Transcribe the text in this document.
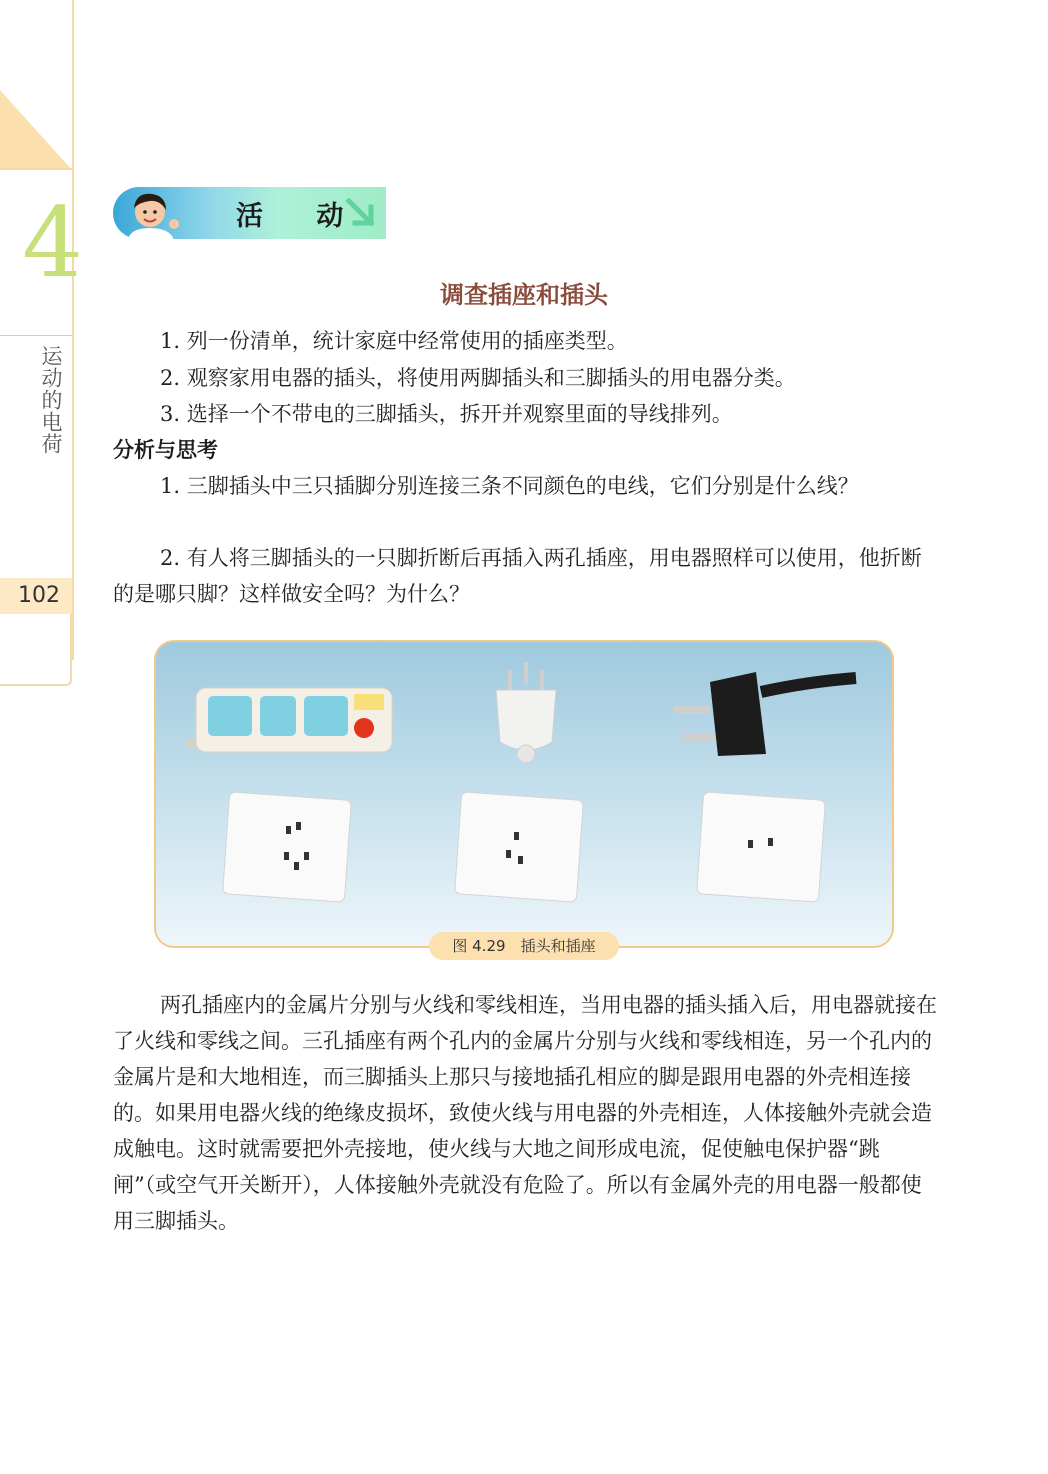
4
运动的电荷
102
活 动
调查插座和插头
1. 列一份清单，统计家庭中经常使用的插座类型。
2. 观察家用电器的插头，将使用两脚插头和三脚插头的用电器分类。
3. 选择一个不带电的三脚插头，拆开并观察里面的导线排列。
分析与思考
1. 三脚插头中三只插脚分别连接三条不同颜色的电线，它们分别是什么线？
2. 有人将三脚插头的一只脚折断后再插入两孔插座，用电器照样可以使用，他折断的是哪只脚？这样做安全吗？为什么？
图 4.29　插头和插座
两孔插座内的金属片分别与火线和零线相连，当用电器的插头插入后，用电器就接在了火线和零线之间。三孔插座有两个孔内的金属片分别与火线和零线相连，另一个孔内的金属片是和大地相连，而三脚插头上那只与接地插孔相应的脚是跟用电器的外壳相连接的。如果用电器火线的绝缘皮损坏，致使火线与用电器的外壳相连，人体接触外壳就会造成触电。这时就需要把外壳接地，使火线与大地之间形成电流，促使触电保护器“跳闸”（或空气开关断开），人体接触外壳就没有危险了。所以有金属外壳的用电器一般都使用三脚插头。
